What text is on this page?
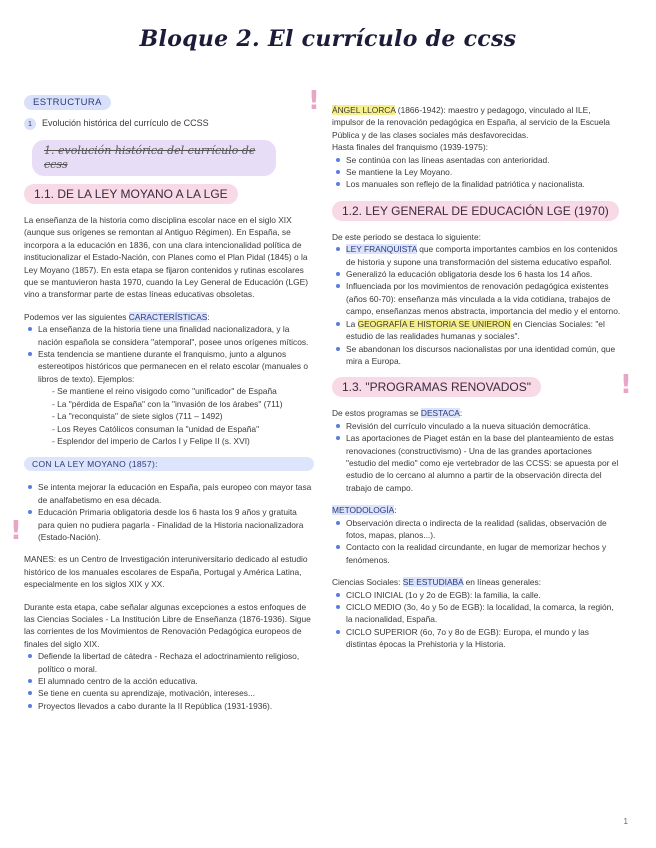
Bloque 2. El currículo de ccss
!
!
!
ESTRUCTURA
1 Evolución histórica del currículo de CCSS
1. evolución histórica del currículo de ccss
1.1. DE LA LEY MOYANO A LA LGE

La enseñanza de la historia como disciplina escolar nace en el siglo XIX (aunque sus orígenes se remontan al Antiguo Régimen). En España, se incorpora a la educación en 1836, con una clara intencionalidad política de institucionalizar el Estado-Nación, con Planes como el Plan Pidal (1845) o la Ley Moyano (1857). En esta etapa se fijaron contenidos y rutinas escolares que se mantuvieron hasta 1970, cuando la Ley General de Educación (LGE) vino a transformar parte de estas líneas educativas obsoletas.

Podemos ver las siguientes CARACTERÍSTICAS:

La enseñanza de la historia tiene una finalidad nacionalizadora, y la nación española se considera "atemporal", posee unos orígenes míticos.
Esta tendencia se mantiene durante el franquismo, junto a algunos estereotipos históricos que permanecen en el relato escolar (manuales o libros de texto). Ejemplos:
- Se mantiene el reino visigodo como "unificador" de España
- La "pérdida de España" con la "invasión de los árabes" (711)
- La "reconquista" de siete siglos (711 – 1492)
- Los Reyes Católicos consuman la "unidad de España"
- Esplendor del imperio de Carlos I y Felipe II (s. XVI)
CON LA LEY MOYANO (1857):
Se intenta mejorar la educación en España, país europeo con mayor tasa de analfabetismo en esa década.
Educación Primaria obligatoria desde los 6 hasta los 9 años y gratuita para quien no pudiera pagarla - Finalidad de la Historia nacionalizadora (Estado-Nación).

MANES: es un Centro de Investigación interuniversitario dedicado al estudio histórico de los manuales escolares de España, Portugal y América Latina, especialmente en los siglos XIX y XX.

Durante esta etapa, cabe señalar algunas excepciones a estos enfoques de las Ciencias Sociales - La Institución Libre de Enseñanza (1876-1936). Sigue las corrientes de los Movimientos de Renovación Pedagógica europeos de finales del siglo XIX.

Defiende la libertad de cátedra - Rechaza el adoctrinamiento religioso, político o moral.
El alumnado centro de la acción educativa.
Se tiene en cuenta su aprendizaje, motivación, intereses...
Proyectos llevados a cabo durante la II República (1931-1936).

ÁNGEL LLORCA (1866-1942): maestro y pedagogo, vinculado al ILE, impulsor de la renovación pedagógica en España, al servicio de la Escuela Pública y de las clases sociales más desfavorecidas.

Hasta finales del franquismo (1939-1975):

Se continúa con las líneas asentadas con anterioridad.
Se mantiene la Ley Moyano.
Los manuales son reflejo de la finalidad patriótica y nacionalista.
1.2. LEY GENERAL DE EDUCACIÓN LGE (1970)

De este periodo se destaca lo siguiente:

LEY FRANQUISTA que comporta importantes cambios en los contenidos de historia y supone una transformación del sistema educativo español.
Generalizó la educación obligatoria desde los 6 hasta los 14 años.
Influenciada por los movimientos de renovación pedagógica existentes (años 60-70): enseñanza más vinculada a la vida cotidiana, trabajos de campo, enseñanzas menos abstracta, importancia del medio y el entorno.
La GEOGRAFÍA E HISTORIA SE UNIERON en Ciencias Sociales: "el estudio de las realidades humanas y sociales".
Se abandonan los discursos nacionalistas por una identidad común, que mira a Europa.
1.3. "PROGRAMAS RENOVADOS"

De estos programas se DESTACA:

Revisión del currículo vinculado a la nueva situación democrática.
Las aportaciones de Piaget están en la base del planteamiento de estas renovaciones (constructivismo) - Una de las grandes aportaciones "estudio del medio" como eje vertebrador de las CCSS: se apuesta por el estudio de lo cercano al alumno a partir de la observación directa del trabajo de campo.

METODOLOGÍA:

Observación directa o indirecta de la realidad (salidas, observación de fotos, mapas, planos...).
Contacto con la realidad circundante, en lugar de memorizar hechos y fenómenos.

Ciencias Sociales: SE ESTUDIABA en líneas generales:

CICLO INICIAL (1o y 2o de EGB): la familia, la calle.
CICLO MEDIO (3o, 4o y 5o de EGB): la localidad, la comarca, la región, la nacionalidad, España.
CICLO SUPERIOR (6o, 7o y 8o de EGB): Europa, el mundo y las distintas épocas la Prehistoria y la Historia.
1
